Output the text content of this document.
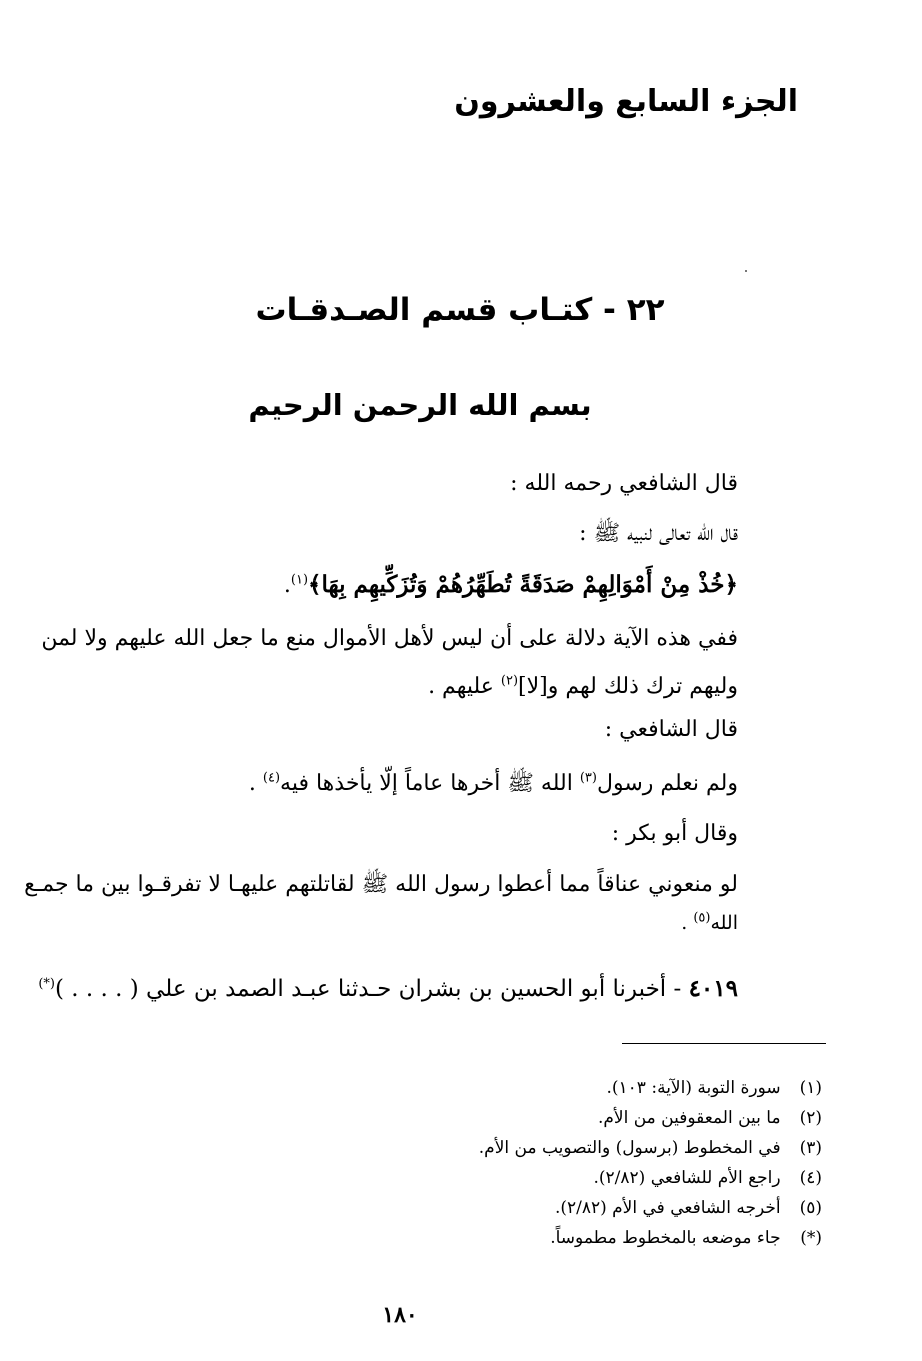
الجزء السابع والعشرون
٢٢ - كتـاب قسم الصـدقـات
بسم الله الرحمن الرحيم
قال الشافعي رحمه الله :
قال الله تعالى لنبيه ﷺ :
﴿خُذْ مِنْ أَمْوَالِهِمْ صَدَقَةً تُطَهِّرُهُمْ وَتُزَكِّيهِم بِهَا﴾$^{(١)}$.
ففي هذه الآية دلالة على أن ليس لأهل الأموال منع ما جعل الله عليهم ولا لمن
وليهم ترك ذلك لهم و[لا]$^{(٢)}$ عليهم .
قال الشافعي :
ولم نعلم رسول$^{(٣)}$ الله ﷺ أخرها عاماً إلّا يأخذها فيه$^{(٤)}$ .
وقال أبو بكر :
لو منعوني عناقاً مما أعطوا رسول الله ﷺ لقاتلتهم عليهـا لا تفرقـوا بين ما جمـع
الله$^{(٥)}$ .
٤٠١٩ - أخبرنا أبو الحسين بن بشران حـدثنا عبـد الصمد بن علي ( . . . . )(*)
(١) سورة التوبة (الآية: ١٠٣).
(٢) ما بين المعقوفين من الأم.
(٣) في المخطوط (برسول) والتصويب من الأم.
(٤) راجع الأم للشافعي (٢/٨٢).
(٥) أخرجه الشافعي في الأم (٢/٨٢).
(*) جاء موضعه بالمخطوط مطموساً.
١٨٠
